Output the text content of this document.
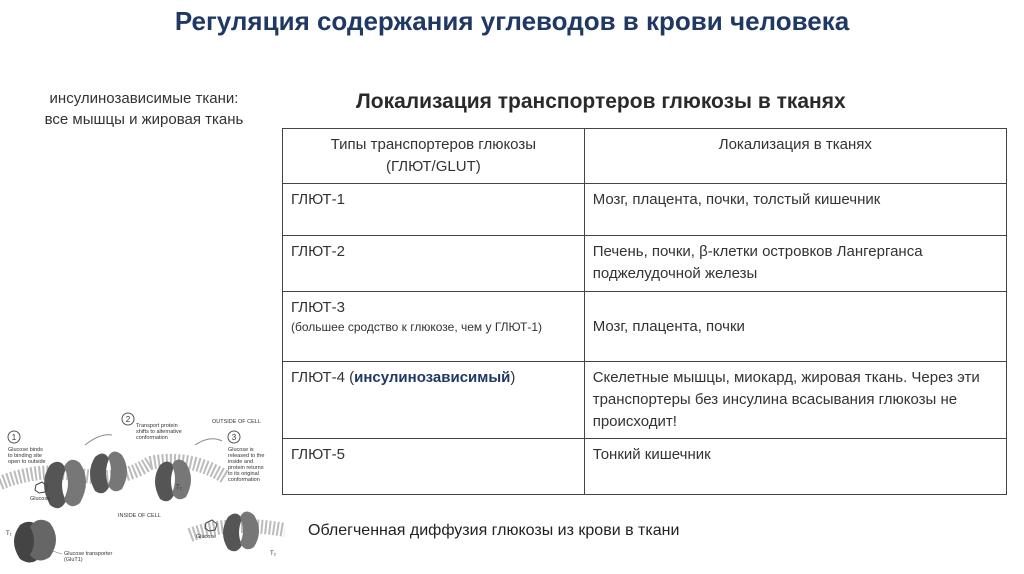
Регуляция содержания углеводов в крови человека
инсулинозависимые ткани:
все мышцы и жировая ткань
Локализация транспортеров глюкозы в тканях
Типы транспортеров глюкозы (ГЛЮТ/GLUT)	Локализация в тканях
ГЛЮТ-1	Мозг, плацента, почки, толстый кишечник
ГЛЮТ-2	Печень, почки, β-клетки островков Лангерганса поджелудочной железы
ГЛЮТ-3
(большее сродство к глюкозе, чем у ГЛЮТ-1)	Мозг, плацента, почки
ГЛЮТ-4 (инсулинозависимый)	Скелетные мышцы, миокард, жировая ткань. Через эти транспортеры без инсулина всасывания глюкозы не происходит!
ГЛЮТ-5	Тонкий кишечник
Облегченная диффузия глюкозы из крови в ткани
1
2
3
Glucose binds
to binding site
open to outside
Transport protein
shifts to alternative
conformation
Glucose is
released to the
inside and
protein returns
to its original
conformation
OUTSIDE OF CELL
INSIDE OF CELL
Glucose
Glucose
Glucose transporter
(GluT1)
T₁
T₂
T₂
